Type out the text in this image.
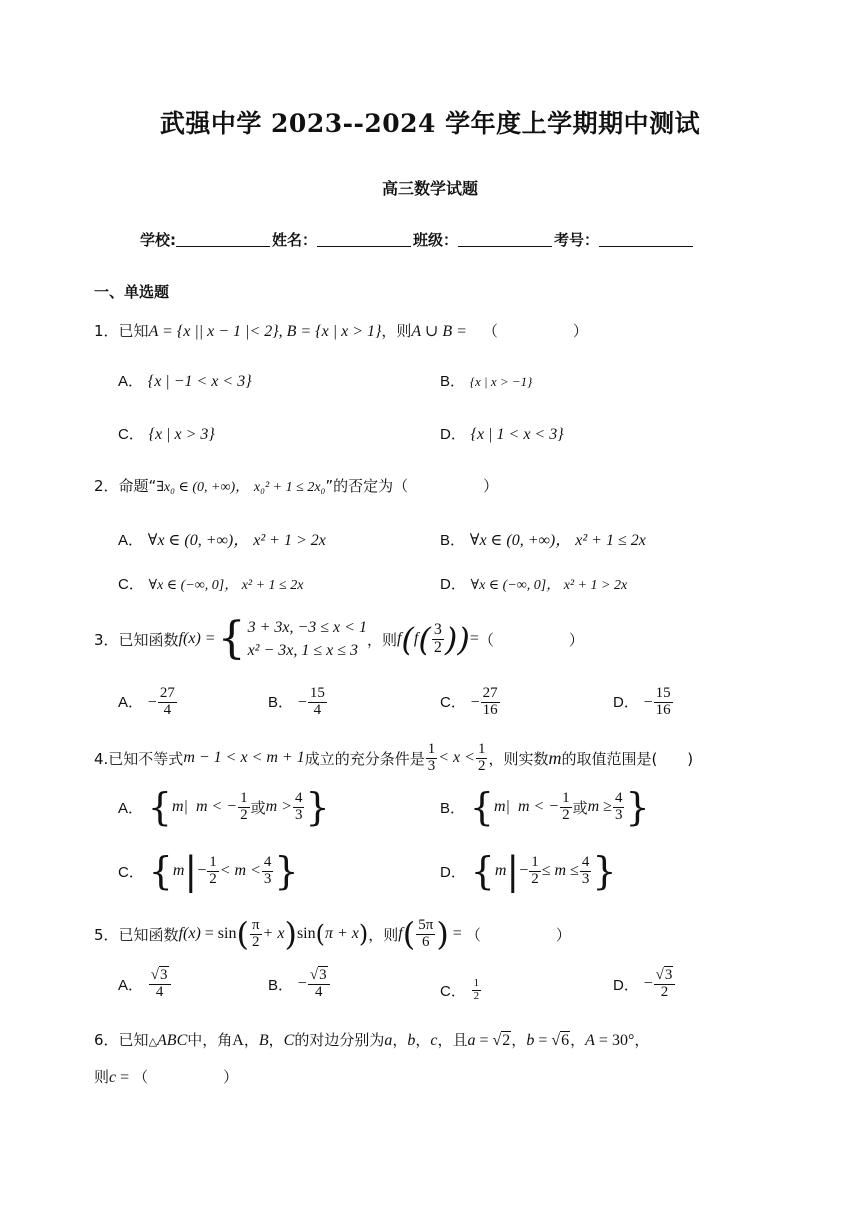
武强中学 2023--2024 学年度上学期期中测试
高三数学试题
学校:	姓名：	班级：	考号：
一、单选题
1．已知A = {x || x − 1 |< 2}, B = {x | x > 1}，则A ∪ B = （　　　　　）
A． {x | −1 < x < 3}	B． {x | x > −1}
C． {x | x > 3}	D． {x | 1 < x < 3}
2．命题“∃x₀ ∈ (0, +∞)， x₀² + 1 ≤ 2x₀”的否定为（　　　　　）
A． ∀x ∈ (0, +∞)， x² + 1 > 2x	B． ∀x ∈ (0, +∞)， x² + 1 ≤ 2x
C． ∀x ∈ (−∞, 0]， x² + 1 ≤ 2x	D． ∀x ∈ (−∞, 0]， x² + 1 > 2x
3． 已知函数 f(x) = { 3 + 3x, −3 ≤ x < 1
x² − 3x, 1 ≤ x ≤ 3
，则 $f(f( \frac{3}{2}$ )) = （　　　　　）
A． − $\frac{27}{4}$	B． − $\frac{15}{4}$	C． − $\frac{27}{16}$	D． − $\frac{15}{16}$
4.已知不等式 m − 1 < x < m + 1 成立的充分条件是 $\frac{1}{3} < x < \frac{1}{2}$ ，则实数 m 的取值范围是(　　)
A．
{ m|  m < − $\frac{1}{2}$ 或 $m > \frac{4}{3}$ }	B．
{ m|  m < − $\frac{1}{2}$ 或 $m \ge \frac{4}{3}$ }
C．
{ m | − $\frac{1}{2} < m < \frac{4}{3}$ }	D．
{ m | − $\frac{1}{2} \le m \le \frac{4}{3}$ }
5． 已知函数 f(x) = sin ( $\frac{\pi}{2} + x$ ) sin ( π + x ) ，则 f ( $\frac{5\pi}{6}$ ) = （　　　　　）
A．
$\frac{√3}{4}$	B．
− $\frac{√3}{4}$	C．
$\frac{1}{2}$	D．
− $\frac{√3}{2}$
6．已知△ABC中，角A，B，C的对边分别为a，b，c，且a = √2，b = √6，A = 30°，
则c = （　　　　　）
